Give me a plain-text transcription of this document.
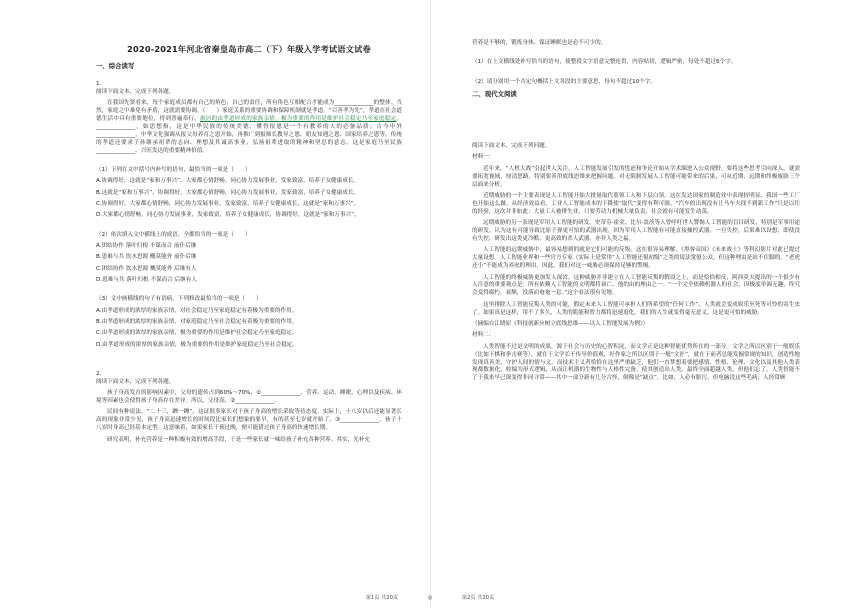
2020-2021年河北省秦皇岛市高二（下）年级入学考试语文试卷
一、综合读写
1.

阅读下面文本，完成下列各题。

在我国先贤看来，每个家庭成员都有自己的角色，自己的责任，所有角色互相配合才能成为______________的整体。当然，家庭之中难免有矛盾，这就需要协调。（　　）家庭关系的重要协调和保障机制就是孝道。“百善孝为先”，孝道在社会道德生活中具有重要地位，得到普遍奉行。旅居的由孝道形成的家族亲情，极为重要的作用是维护社会稳定乃至家庭稳定。______________，如思想指，这是中华民族的传统美德，懂得报恩是一个有教养的人的必备品质。古今中外______________，中华文化强调从报父母养育之恩开始，再推广到报师长教导之恩、朋友知遇之恩、国家培养之恩等。传统的孝道还要求子孙继承祖辈的志向、理想及其诚高事业，弘扬祖辈进取的精神和坚忍的意志，这是家庭乃至民族______________、兴旺发达的重要精神价值。

（1）下列在文中括号内补写的语句，最恰当的一项是（　　）

A.协调得好，这就是“家和万事兴”，大家都心情舒畅，同心协力发展事业，发家致富，培养子女健康成长。

B.这就是“家和万事兴”，协调得好，大家都心情舒畅，同心协力发展事业，发家致富，培养子女健康成长。

C.协调得好，大家都心情舒畅，同心协力发展事业，发家致富，培养子女健康成长，这就是“家和万事兴”。

D.大家都心情舒畅，同心协力发展事业，发家致富，培养子女健康成长，协调得好，这就是“家和万事兴”。

（2）依次填入文中横线上的成语，全都恰当的一项是（　　）

A.团结协作 落叶归根 不谋而合 前仆后继

B.患难与共 饮水思源 概莫能外 前仆后继

C.团结协作 饮水思源 概莫能外 后继有人

D.患难与共 落叶归根 不谋而合 后继有人

（3）文中画横线的句子有语病，下列修改最恰当的一项是（　　）

A.由孝道形成的浓厚的家族亲情，对社会稳定乃至家庭稳定有着极为重要的作用。

B.由孝道形成的浓厚的家族亲情，对家庭稳定乃至社会稳定有着极为重要的作用。

C.由孝道形成的浓厚的家族亲情，极为重要的作用是维护社会稳定乃至家庭稳定。

D.由孝道形成的浓厚的家族亲情，极为重要的作用是维护家庭稳定乃至社会稳定。

2.

阅读下面文本，完成下列各题。

孩子身高发育的影响因素中，父母的遗传占到60%～70%，①______________，营养、运动、睡眠、心理以及疾病、环境等因素也会使得孩子身高存在差异。所以，父母高，②______________。

民间有种说法，“二十三，蹿一蹿”。这证很多家长对于孩子身高的增长采取等待态度。实际上，十八岁以后还能显著长高的现象非常少见，孩子身高迅速增长的时间段比家长们想象的要早，有的甚至七岁就开始了。③______________，孩子十八岁时身高已经基本定型。这意味着，如果家长干预过晚，便可能错过孩子身高的快速增长期。

研究表明，补充营养是一种积极有效的增高手段，于是一些家长就一味给孩子补充各种营养。其实，光补充

营养是不够的，锻炼身体、保证睡眠也是必不可少的。

（1）在上文横线处补写恰当的语句，使整段文字语意完整连贯，内容贴切，逻辑严密，每处不超过6个字。

（2）请分别用一个否定句概括上文各段的主要意思，每句不超过10个字。

二、现代文阅读

阅读下面文本，完成下列问题。

材料一：

近年来，“人机大战”引起世人关注，人工智能发展引发的忧虑和争论开始从学术圈进入公众视野。要将这些思考引向深入，就需要拓宽视域，厘清思路，特别要善用底线思维来把握问题。对无限制发展人工智能可能带来的后果，可从近期、远期和终极威胁三个层面来分析。

近期威胁的一个主要表现是人工智能开始大批量取代蓝领工人和下层白领。这在发达国家的制造业中表现较明显，我国一些工厂也开始这么做。从经济效益看，工业人工智能成本的下降使“取代”变得有利可图。“汽车的出现没有让马车夫找不到新工作”只是以往的经验，这次并非如此：大量工人被排失业，只要劳动力机械大量负责，社会就有可能发生动荡。

远期威胁的另一表现是军用人工智能的研发。史蒂芬·霍金、比尔·盖茨等人曾呼吁世人警惕人工智能的盲目研发，特别是军事用途的研发，认为这有可能导致比原子弹更可怕的武器出现。因为军用人工智能有可能直接操控武器，一旦失控，后果难以设想；即使没有失控，研发出这类更冷酷、更高效的杀人武器，亦非人类之福。

人工智能的远期威胁中，最容易想到的就是它们可能的反叛。这在很容易理解，《黑客帝国》《未来战士》等科幻影片对此已提过大量设想。人工智能业界和一些官方专家（实际上是常用“人工智能还很初级”之类的说法宽慰公众，但这种理由是站不住脚的。“老虎还小”不能成为养虎的理由，因此，我们对这一威胁必须保持足够的警惕。

人工智能的终极威胁更加发人深省。这种威胁并非建立在人工智能反叛的假设之上，而是恰恰相反，阿西莫夫提出的一个很少有人注意的重要观点是：所有依赖人工智能的文明都将衰亡。他的由的理由之一：“一个完全依赖机器人的社会，因极度单调无趣，终究会变得腐朽，衰颓，没落而奄奄一息。”这个看法很有见地。

这里排除人工智能反叛人类的可能，假定未来人工智能可承担人们所希望的“任何工作”，人类就会变成娱乐至死等可怜的寄生虫了。如果真是这样，用不了多久，人类的肌能和智力都将迅速退化，我们的人生就变得毫无意义。这是更可怕的威胁。

（摘编自江晓原《科技创新应树立底线思维——以人工智能发展为例》）

材料二：

人类智能不过是文明的成果，源于社会与历史的心智积淀，而文学正是这种智能优势所在的一部分。文学之所以区别于一般娱乐（比如下棋和拳击赛等），就在于文学长于传导价值观，好作家之所以区别于一般“文匠”，就在于前者总能发掘常规的知识，创造性地发现真善美，守护人间的情与义。而技术主义者恰恰在这里严重缺乏，他们一直梦想着要把感情、性格、伦理、文化以及其他人类表现都数据化，收编为形式逻辑，从而让机器的生物性与人格性完备。使其创造出人类，最终全面超越人类，但他们忘了，人类智能不了于我来早已深变得非同寻常——其中一部分新有几分古怪，倒像是“缺点”。比如，人必有脏污，但电脑没这些毛病；人经常顾

第1页 共20页	◎	第2页 共20页
